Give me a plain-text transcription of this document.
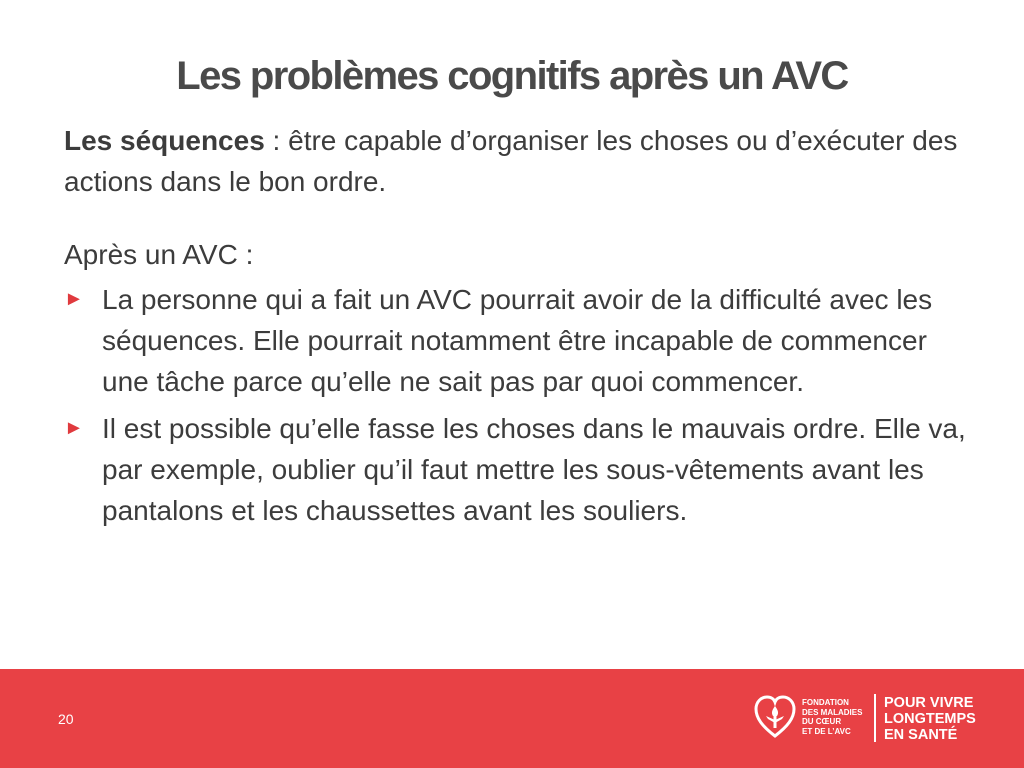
Les problèmes cognitifs après un AVC

Les séquences : être capable d’organiser les choses ou d’exécuter des actions dans le bon ordre.

Après un AVC :

► La personne qui a fait un AVC pourrait avoir de la difficulté avec les séquences. Elle pourrait notamment être incapable de commencer une tâche parce qu’elle ne sait pas par quoi commencer.
► Il est possible qu’elle fasse les choses dans le mauvais ordre. Elle va, par exemple, oublier qu’il faut mettre les sous-vêtements avant les pantalons et les chaussettes avant les souliers.
20
FONDATION
DES MALADIES
DU CŒUR
ET DE L’AVC
POUR VIVRE
LONGTEMPS
EN SANTÉ
